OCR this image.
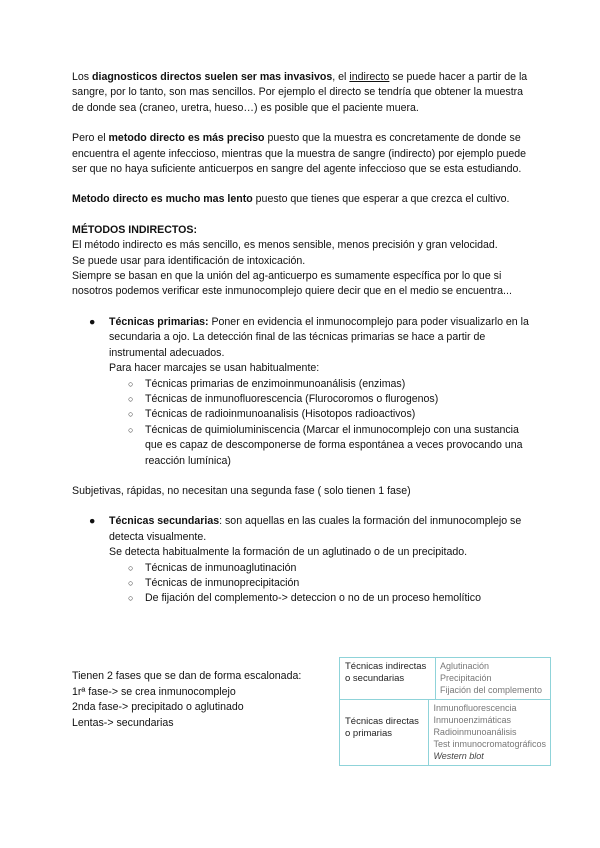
Los diagnosticos directos suelen ser mas invasivos, el indirecto se puede hacer a partir de la sangre, por lo tanto, son mas sencillos. Por ejemplo el directo se tendría que obtener la muestra de donde sea (craneo, uretra, hueso…) es posible que el paciente muera.

Pero el metodo directo es más preciso puesto que la muestra es concretamente de donde se encuentra el agente infeccioso, mientras que la muestra de sangre (indirecto) por ejemplo puede ser que no haya suficiente anticuerpos en sangre del agente infeccioso que se esta estudiando.

Metodo directo es mucho mas lento puesto que tienes que esperar a que crezca el cultivo.

MÉTODOS INDIRECTOS:

El método indirecto es más sencillo, es menos sensible, menos precisión y gran velocidad.

Se puede usar para identificación de intoxicación.

Siempre se basan en que la unión del ag-anticuerpo es sumamente específica por lo que si nosotros podemos verificar este inmunocomplejo quiere decir que en el medio se encuentra...

● Técnicas primarias: Poner en evidencia el inmunocomplejo para poder visualizarlo en la secundaria a ojo. La detección final de las técnicas primarias se hace a partir de instrumental adecuados.

Para hacer marcajes se usan habitualmente:

○ Técnicas primarias de enzimoinmunoanálisis (enzimas)
○ Técnicas de inmunofluorescencia (Flurocoromos o flurogenos)
○ Técnicas de radioinmunoanalisis (Hisotopos radioactivos)
○ Técnicas de quimioluminiscencia (Marcar el inmunocomplejo con una sustancia que es capaz de descomponerse de forma espontánea a veces provocando una reacción lumínica)

Subjetivas, rápidas, no necesitan una segunda fase ( solo tienen 1 fase)

● Técnicas secundarias: son aquellas en las cuales la formación del inmunocomplejo se detecta visualmente.

Se detecta habitualmente la formación de un aglutinado o de un precipitado.

○ Técnicas de inmunoaglutinación
○ Técnicas de inmunoprecipitación
○ De fijación del complemento-> deteccion o no de un proceso hemolítico

Tienen 2 fases que se dan de forma escalonada:

1rª fase-> se crea inmunocomplejo

2nda fase-> precipitado o aglutinado

Lentas-> secundarias

Técnicas indirectas o secundarias
Aglutinación
Precipitación
Fijación del complemento
Técnicas directas o primarias
Inmunofluorescencia
Inmunoenzimáticas
Radioinmunoanálisis
Test inmunocromatográficos
Western blot
